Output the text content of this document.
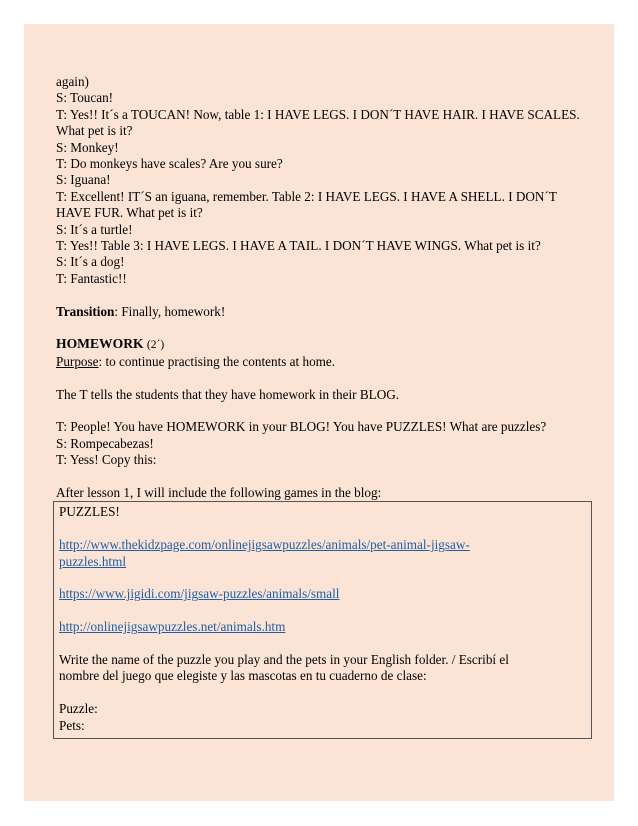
again)
S: Toucan!
T: Yes!! It´s a TOUCAN! Now, table 1: I HAVE LEGS. I DON´T HAVE HAIR. I HAVE SCALES.
What pet is it?
S: Monkey!
T: Do monkeys have scales? Are you sure?
S: Iguana!
T: Excellent! IT´S an iguana, remember. Table 2: I HAVE LEGS. I HAVE A SHELL. I DON´T
HAVE FUR. What pet is it?
S: It´s a turtle!
T: Yes!! Table 3: I HAVE LEGS. I HAVE A TAIL. I DON´T HAVE WINGS. What pet is it?
S: It´s a dog!
T: Fantastic!!
Transition: Finally, homework!
HOMEWORK (2´)
Purpose: to continue practising the contents at home.
The T tells the students that they have homework in their BLOG.
T: People! You have HOMEWORK in your BLOG! You have PUZZLES! What are puzzles?
S: Rompecabezas!
T: Yess! Copy this:
After lesson 1, I will include the following games in the blog:
PUZZLES!
http://www.thekidzpage.com/onlinejigsawpuzzles/animals/pet-animal-jigsaw-
puzzles.html
https://www.jigidi.com/jigsaw-puzzles/animals/small
http://onlinejigsawpuzzles.net/animals.htm
Write the name of the puzzle you play and the pets in your English folder. / Escribí el
nombre del juego que elegiste y las mascotas en tu cuaderno de clase:
Puzzle:
Pets:
